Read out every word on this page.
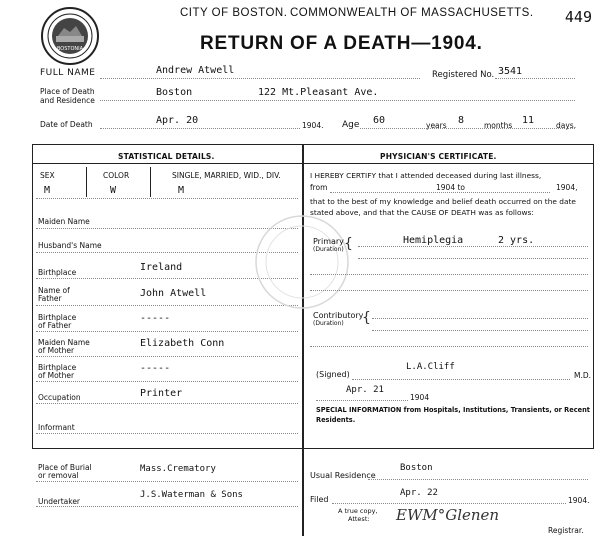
449
BOSTONIA
CITY OF BOSTON. COMMONWEALTH OF MASSACHUSETTS.
RETURN OF A DEATH—1904.
FULL NAME	Andrew Atwell	Registered No. 3541
Place of Death
and Residence
Boston	122 Mt.Pleasant Ave.
Date of Death	Apr. 20	1904. Age 60	years 8	months 11	days.
STATISTICAL DETAILS.	PHYSICIAN'S CERTIFICATE.
SEX	COLOR	SINGLE, MARRIED, WID., DIV.
M	W	M
Maiden Name
Husband's Name
Birthplace	Ireland
Name of
Father	John Atwell
Birthplace
of Father
-----
Maiden Name
of Mother
Elizabeth Conn
Birthplace
of Mother
-----
Occupation	Printer
Informant
I HEREBY CERTIFY that I attended deceased during last illness,
from	1904 to	1904,
that to the best of my knowledge and belief death occurred on the date stated above, and that the CAUSE OF DEATH was as follows:
Primary
(Duration) {	Hemiplegia	2 yrs.
Contributory
(Duration) {
(Signed)
L.A.Cliff
M.D.
Apr. 21
1904
SPECIAL INFORMATION from Hospitals, Institutions, Transients, or Recent Residents.
Place of Burial
or removal
Mass.Crematory
Undertaker
J.S.Waterman & Sons
Usual Residence
Boston
Filed
Apr. 22
1904.
A true copy,
Attest: EWM°Glenen
Registrar.
